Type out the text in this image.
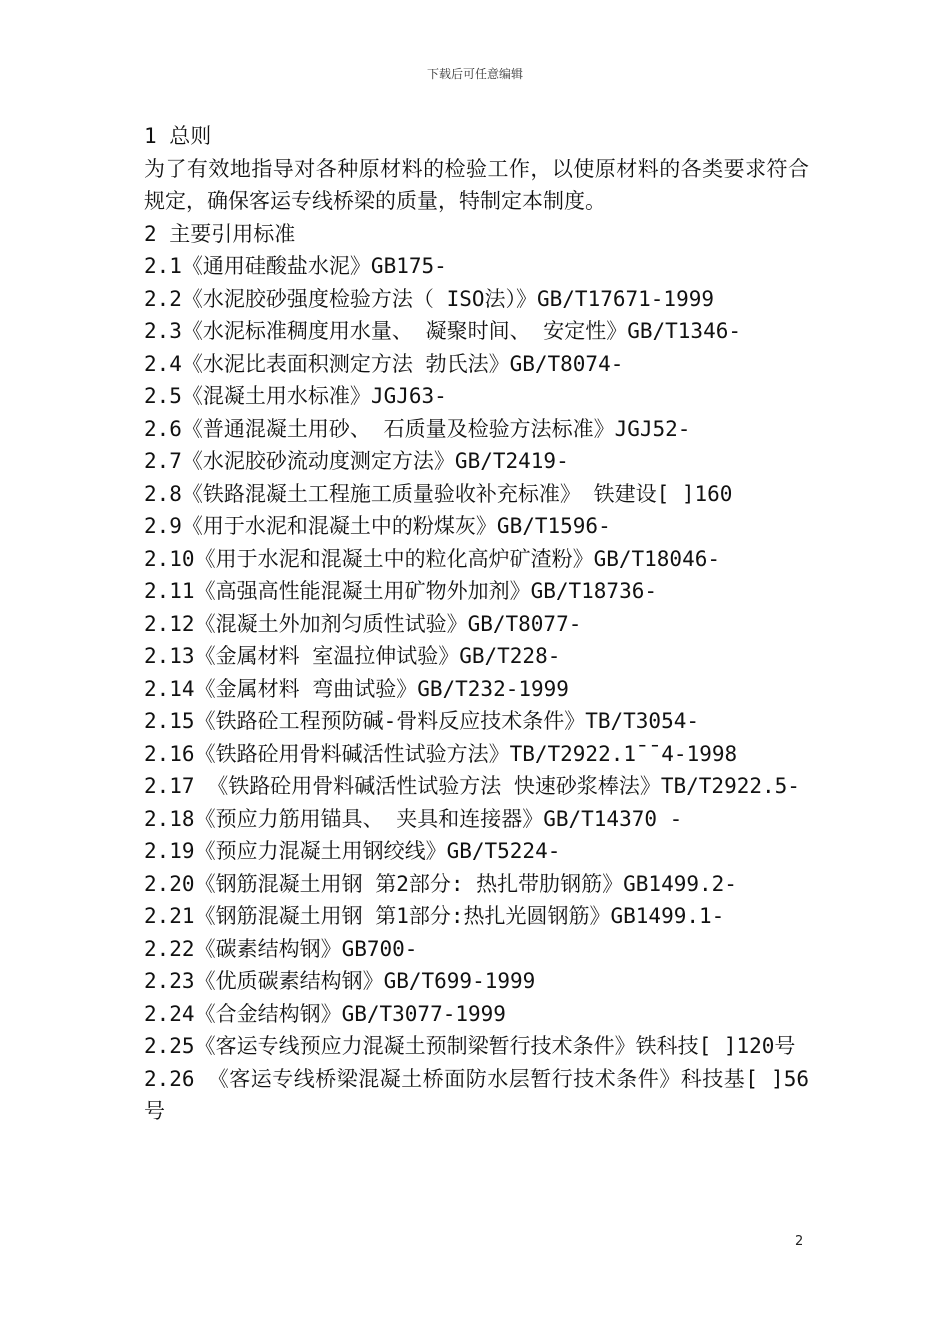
下载后可任意编辑
1 总则
为了有效地指导对各种原材料的检验工作，以使原材料的各类要求符合规定，确保客运专线桥梁的质量，特制定本制度。
2 主要引用标准
2.1《通用硅酸盐水泥》GB175-
2.2《水泥胶砂强度检验方法（ ISO法）》GB/T17671-1999
2.3《水泥标准稠度用水量、 凝聚时间、 安定性》GB/T1346-
2.4《水泥比表面积测定方法 勃氏法》GB/T8074-
2.5《混凝土用水标准》JGJ63-
2.6《普通混凝土用砂、 石质量及检验方法标准》JGJ52-
2.7《水泥胶砂流动度测定方法》GB/T2419-
2.8《铁路混凝土工程施工质量验收补充标准》 铁建设[ ]160
2.9《用于水泥和混凝土中的粉煤灰》GB/T1596-
2.10《用于水泥和混凝土中的粒化高炉矿渣粉》GB/T18046-
2.11《高强高性能混凝土用矿物外加剂》GB/T18736-
2.12《混凝土外加剂匀质性试验》GB/T8077-
2.13《金属材料 室温拉伸试验》GB/T228-
2.14《金属材料 弯曲试验》GB/T232-1999
2.15《铁路砼工程预防碱-骨料反应技术条件》TB/T3054-
2.16《铁路砼用骨料碱活性试验方法》TB/T2922.1¯¯4-1998
2.17 《铁路砼用骨料碱活性试验方法 快速砂浆棒法》TB/T2922.5-
2.18《预应力筋用锚具、 夹具和连接器》GB/T14370 -
2.19《预应力混凝土用钢绞线》GB/T5224-
2.20《钢筋混凝土用钢 第2部分: 热扎带肋钢筋》GB1499.2-
2.21《钢筋混凝土用钢 第1部分:热扎光圆钢筋》GB1499.1-
2.22《碳素结构钢》GB700-
2.23《优质碳素结构钢》GB/T699-1999
2.24《合金结构钢》GB/T3077-1999
2.25《客运专线预应力混凝土预制梁暂行技术条件》铁科技[ ]120号
2.26 《客运专线桥梁混凝土桥面防水层暂行技术条件》科技基[ ]56号
2
